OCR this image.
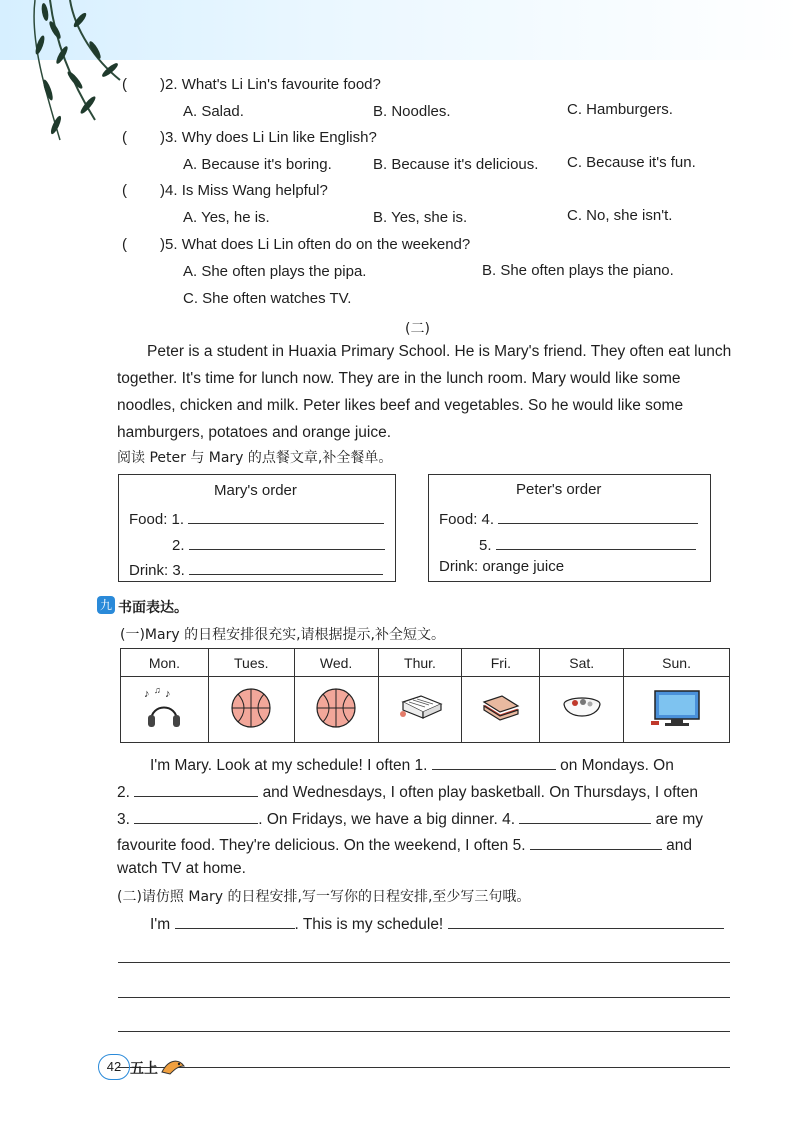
( )2. What's Li Lin's favourite food?
A. Salad.	B. Noodles.	C. Hamburgers.
( )3. Why does Li Lin like English?
A. Because it's boring.	B. Because it's delicious. C. Because it's fun.
( )4. Is Miss Wang helpful?
A. Yes, he is.	B. Yes, she is.	C. No, she isn't.
( )5. What does Li Lin often do on the weekend?
A. She often plays the pipa.	B. She often plays the piano.
C. She often watches TV.
(二)
Peter is a student in Huaxia Primary School. He is Mary's friend. They often eat lunch together. It's time for lunch now. They are in the lunch room. Mary would like some noodles, chicken and milk. Peter likes beef and vegetables. So he would like some hamburgers, potatoes and orange juice.
阅读 Peter 与 Mary 的点餐文章,补全餐单。
Mary's order
Food: 1.
2.
Drink: 3.
Peter's order
Food: 4.
5.
Drink: orange juice
九 书面表达。
(一)Mary 的日程安排很充实,请根据提示,补全短文。
Mon.	Tues.	Wed.	Thur.	Fri.	Sat.	Sun.

♪ ♫ ♪

I'm Mary. Look at my schedule! I often 1.	on Mondays. On
2.	and Wednesdays, I often play basketball. On Thursdays, I often
3.	. On Fridays, we have a big dinner. 4.	are my
favourite food. They're delicious. On the weekend, I often 5.	and
watch TV at home.
(二)请仿照 Mary 的日程安排,写一写你的日程安排,至少写三句哦。
I'm	. This is my schedule!
42 五上
